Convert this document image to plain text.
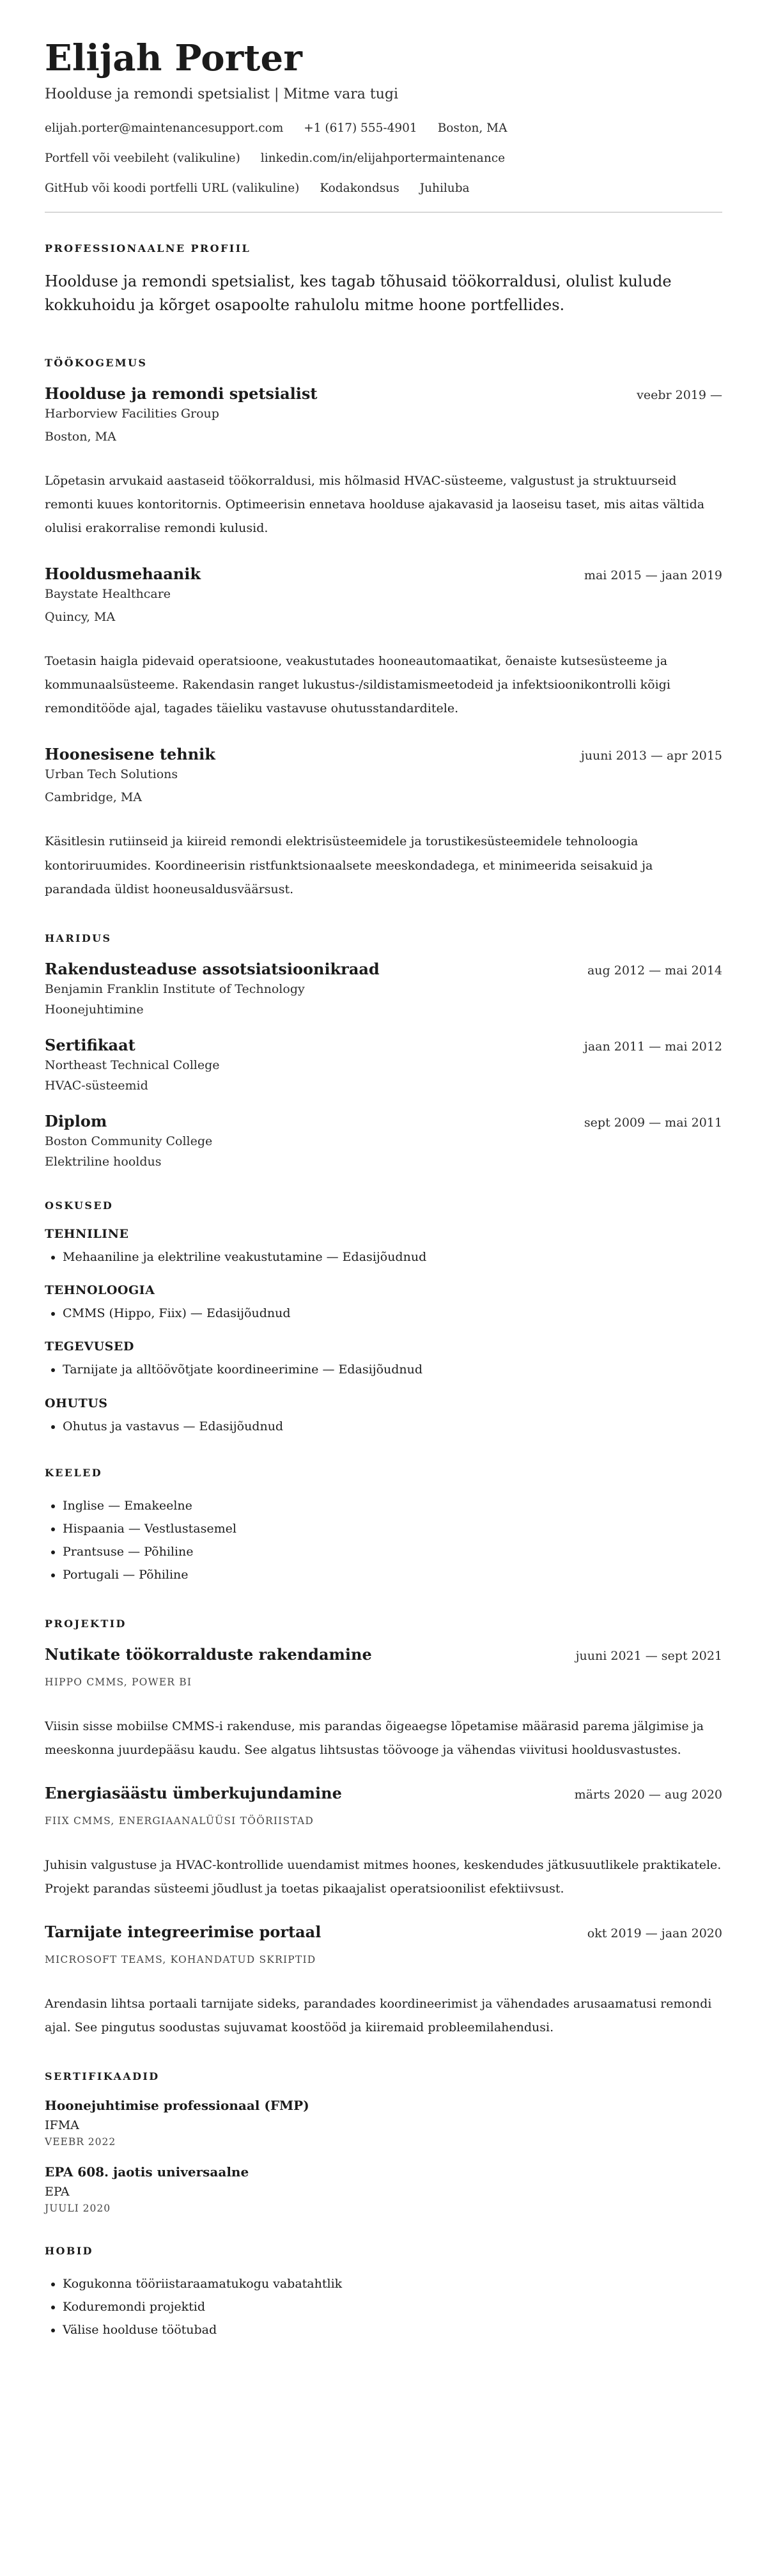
Elijah Porter
Hoolduse ja remondi spetsialist | Mitme vara tugi
elijah.porter@maintenancesupport.com +1 (617) 555-4901 Boston, MA
Portfell või veebileht (valikuline) linkedin.com/in/elijahportermaintenance
GitHub või koodi portfelli URL (valikuline) Kodakondsus Juhiluba
PROFESSIONAALNE PROFIIL

Hoolduse ja remondi spetsialist, kes tagab tõhusaid töökorraldusi, olulist kulude kokkuhoidu ja kõrget osapoolte rahulolu mitme hoone portfellides.

TÖÖKOGEMUS
Hoolduse ja remondi spetsialist	veebr 2019 —
Harborview Facilities Group
Boston, MA

Lõpetasin arvukaid aastaseid töökorraldusi, mis hõlmasid HVAC-süsteeme, valgustust ja struktuurseid remonti kuues kontoritornis. Optimeerisin ennetava hoolduse ajakavasid ja laoseisu taset, mis aitas vältida olulisi erakorralise remondi kulusid.

Hooldusmehaanik	mai 2015 — jaan 2019
Baystate Healthcare
Quincy, MA

Toetasin haigla pidevaid operatsioone, veakustutades hooneautomaatikat, õenaiste kutsesüsteeme ja kommunaalsüsteeme. Rakendasin ranget lukustus-/sildistamismeetodeid ja infektsioonikontrolli kõigi remonditööde ajal, tagades täieliku vastavuse ohutusstandarditele.

Hoonesisene tehnik	juuni 2013 — apr 2015
Urban Tech Solutions
Cambridge, MA

Käsitlesin rutiinseid ja kiireid remondi elektrisüsteemidele ja torustikesüsteemidele tehnoloogia kontoriruumides. Koordineerisin ristfunktsionaalsete meeskondadega, et minimeerida seisakuid ja parandada üldist hooneusaldusväärsust.

HARIDUS
Rakendusteaduse assotsiatsioonikraad	aug 2012 — mai 2014
Benjamin Franklin Institute of Technology
Hoonejuhtimine
Sertifikaat	jaan 2011 — mai 2012
Northeast Technical College
HVAC-süsteemid
Diplom	sept 2009 — mai 2011
Boston Community College
Elektriline hooldus
OSKUSED
TEHNILINE
• Mehaaniline ja elektriline veakustutamine — Edasijõudnud
TEHNOLOOGIA
• CMMS (Hippo, Fiix) — Edasijõudnud
TEGEVUSED
• Tarnijate ja alltöövõtjate koordineerimine — Edasijõudnud
OHUTUS
• Ohutus ja vastavus — Edasijõudnud
KEELED
• Inglise — Emakeelne
• Hispaania — Vestlustasemel
• Prantsuse — Põhiline
• Portugali — Põhiline
PROJEKTID
Nutikate töökorralduste rakendamine	juuni 2021 — sept 2021
HIPPO CMMS, POWER BI

Viisin sisse mobiilse CMMS-i rakenduse, mis parandas õigeaegse lõpetamise määrasid parema jälgimise ja meeskonna juurdepääsu kaudu. See algatus lihtsustas töövooge ja vähendas viivitusi hooldusvastustes.

Energiasäästu ümberkujundamine	märts 2020 — aug 2020
FIIX CMMS, ENERGIAANALÜÜSI TÖÖRIISTAD

Juhisin valgustuse ja HVAC-kontrollide uuendamist mitmes hoones, keskendudes jätkusuutlikele praktikatele. Projekt parandas süsteemi jõudlust ja toetas pikaajalist operatsioonilist efektiivsust.

Tarnijate integreerimise portaal	okt 2019 — jaan 2020
MICROSOFT TEAMS, KOHANDATUD SKRIPTID

Arendasin lihtsa portaali tarnijate sideks, parandades koordineerimist ja vähendades arusaamatusi remondi ajal. See pingutus soodustas sujuvamat koostööd ja kiiremaid probleemilahendusi.

SERTIFIKAADID
Hoonejuhtimise professionaal (FMP)
IFMA
VEEBR 2022
EPA 608. jaotis universaalne
EPA
JUULI 2020
HOBID
• Kogukonna tööriistaraamatukogu vabatahtlik
• Koduremondi projektid
• Välise hoolduse töötubad
